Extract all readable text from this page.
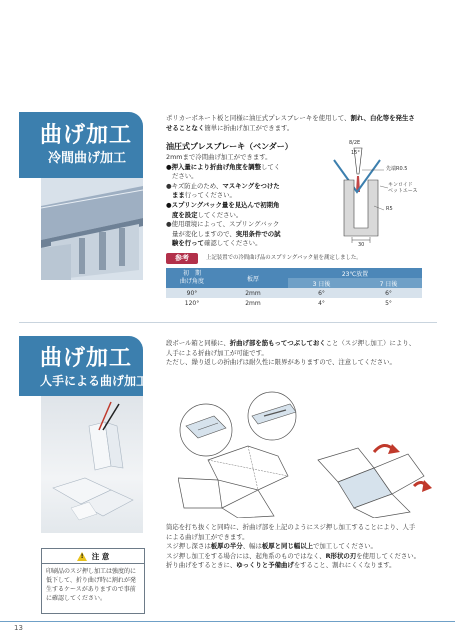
曲げ加工
冷間曲げ加工
ポリカーボネート板と同様に油圧式プレスブレーキを使用して、割れ、白化等を発生さ
せることなく簡単に折曲げ加工ができます。
油圧式プレスブレーキ（ベンダー）
2mmまで冷間曲げ加工ができます。
●押入量により折曲げ角度を調整してく
ださい。
●キズ防止のため、マスキングをつけた
まま行ってください。
●スプリングバック量を見込んで初期角
度を設定してください。
●使用環境によって、スプリングバック
量が変化しますので、実用条件での試
験を行って確認してください。
8/2E
15°
先端R0.5
キンロイド
ベットエース
R5
30
参考	上記装置での冷間曲げ品のスプリングバック量を測定しました。
初　期
曲げ角度	板厚	23℃放置	
		3 日後	7 日後
90°	2mm	6°	6°
120°	2mm	4°	5°
曲げ加工
人手による曲げ加工
段ボール箱と同様に、折曲げ部を筋もってつぶしておくこと（スジ押し加工）により、
人手による折曲げ加工が可能です。
ただし、繰り返しの折曲げは耐久性に限界がありますので、注意してください。
筒応を打ち抜くと同時に、折曲げ部を上記のようにスジ押し加工することにより、人手
による曲げ加工ができます。
スジ押し深さは板厚の半分、幅は板厚と同じ幅以上で加工してください。
スジ押し加工をする場合には、起角系のものではなく、R形状の刃を使用してください。
折り曲げをするときに、ゆっくりと予備曲げをすること、割れにくくなります。
! 注 意
印刷品のスジ押し加工は強度的に低下して、折り曲げ時に割れが発生するケースがありますので事前に確認してください。
13
